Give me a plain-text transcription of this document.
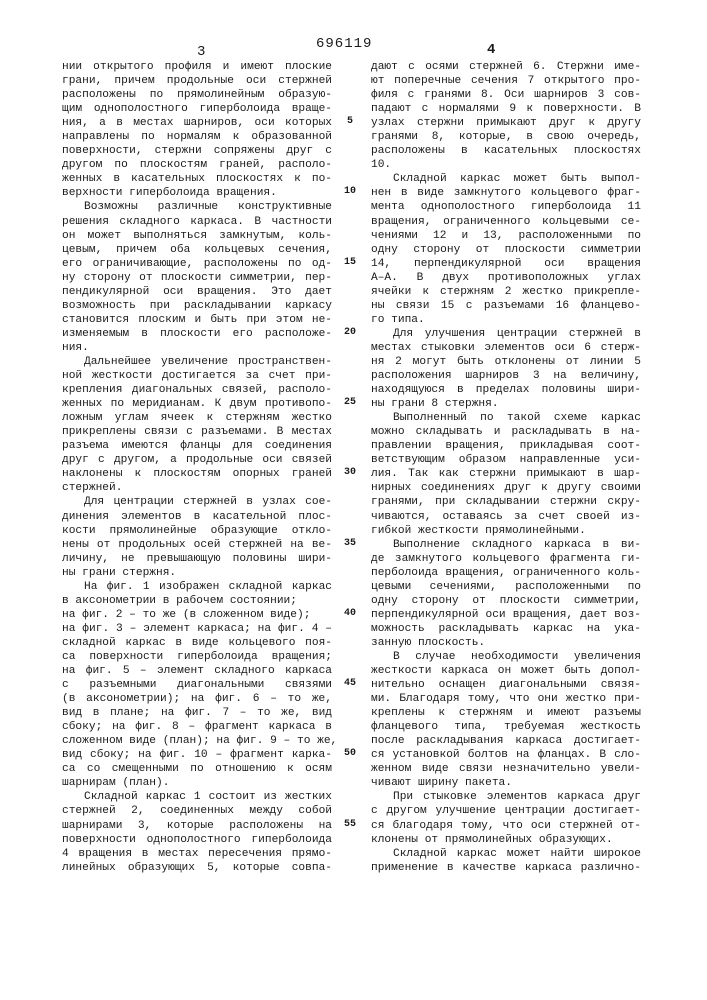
3	696119	4
нии открытого профиля и имеют плоские
грани, причем продольные оси стержней
расположены по прямолинейным образую-
щим однополостного гиперболоида враще-
ния, а в местах шарниров, оси которых
направлены по нормалям к образованной
поверхности, стержни сопряжены друг с
другом по плоскостям граней, располо-
женных в касательных плоскостях к по-
верхности гиперболоида вращения.
Возможны различные конструктивные
решения складного каркаса. В частности
он может выполняться замкнутым, коль-
цевым, причем оба кольцевых сечения,
его ограничивающие, расположены по од-
ну сторону от плоскости симметрии, пер-
пендикулярной оси вращения. Это дает
возможность при раскладывании каркасу
становится плоским и быть при этом не-
изменяемым в плоскости его расположе-
ния.
Дальнейшее увеличение пространствен-
ной жесткости достигается за счет при-
крепления диагональных связей, располо-
женных по меридианам. К двум противопо-
ложным углам ячеек к стержням жестко
прикреплены связи с разъемами. В местах
разъема имеются фланцы для соединения
друг с другом, а продольные оси связей
наклонены к плоскостям опорных граней
стержней.
Для центрации стержней в узлах сое-
динения элементов в касательной плос-
кости прямолинейные образующие откло-
нены от продольных осей стержней на ве-
личину, не превышающую половины шири-
ны грани стержня.
На фиг. 1 изображен складной каркас
в аксонометрии в рабочем состоянии;
на фиг. 2 – то же (в сложенном виде);
на фиг. 3 – элемент каркаса; на фиг. 4 –
складной каркас в виде кольцевого поя-
са поверхности гиперболоида вращения;
на фиг. 5 – элемент складного каркаса
с разъемными диагональными связями
(в аксонометрии); на фиг. 6 – то же,
вид в плане; на фиг. 7 – то же, вид
сбоку; на фиг. 8 – фрагмент каркаса в
сложенном виде (план); на фиг. 9 – то же,
вид сбоку; на фиг. 10 – фрагмент карка-
са со смещенными по отношению к осям
шарнирам (план).
Складной каркас 1 состоит из жестких
стержней 2, соединенных между собой
шарнирами 3, которые расположены на
поверхности однополостного гиперболоида
4 вращения в местах пересечения прямо-
линейных образующих 5, которые совпа-
дают с осями стержней 6. Стержни име-
ют поперечные сечения 7 открытого про-
филя с гранями 8. Оси шарниров 3 сов-
падают с нормалями 9 к поверхности. В
узлах стержни примыкают друг к другу
гранями 8, которые, в свою очередь,
расположены в касательных плоскостях
10.
Складной каркас может быть выпол-
нен в виде замкнутого кольцевого фраг-
мента однополостного гиперболоида 11
вращения, ограниченного кольцевыми се-
чениями 12 и 13, расположенными по
одну сторону от плоскости симметрии
14, перпендикулярной оси вращения
А–А. В двух противоположных углах
ячейки к стержням 2 жестко прикрепле-
ны связи 15 с разъемами 16 фланцево-
го типа.
Для улучшения центрации стержней в
местах стыковки элементов оси 6 стерж-
ня 2 могут быть отклонены от линии 5
расположения шарниров 3 на величину,
находящуюся в пределах половины шири-
ны грани 8 стержня.
Выполненный по такой схеме каркас
можно складывать и раскладывать в на-
правлении вращения, прикладывая соот-
ветствующим образом направленные уси-
лия. Так как стержни примыкают в шар-
нирных соединениях друг к другу своими
гранями, при складывании стержни скру-
чиваются, оставаясь за счет своей из-
гибкой жесткости прямолинейными.
Выполнение складного каркаса в ви-
де замкнутого кольцевого фрагмента ги-
перболоида вращения, ограниченного коль-
цевыми сечениями, расположенными по
одну сторону от плоскости симметрии,
перпендикулярной оси вращения, дает воз-
можность раскладывать каркас на ука-
занную плоскость.
В случае необходимости увеличения
жесткости каркаса он может быть допол-
нительно оснащен диагональными связя-
ми. Благодаря тому, что они жестко при-
креплены к стержням и имеют разъемы
фланцевого типа, требуемая жесткость
после раскладывания каркаса достигает-
ся установкой болтов на фланцах. В сло-
женном виде связи незначительно увели-
чивают ширину пакета.
При стыковке элементов каркаса друг
с другом улучшение центрации достигает-
ся благодаря тому, что оси стержней от-
клонены от прямолинейных образующих.
Складной каркас может найти широкое
применение в качестве каркаса различно-
5
10
15
20
25
30
35
40
45
50
55
